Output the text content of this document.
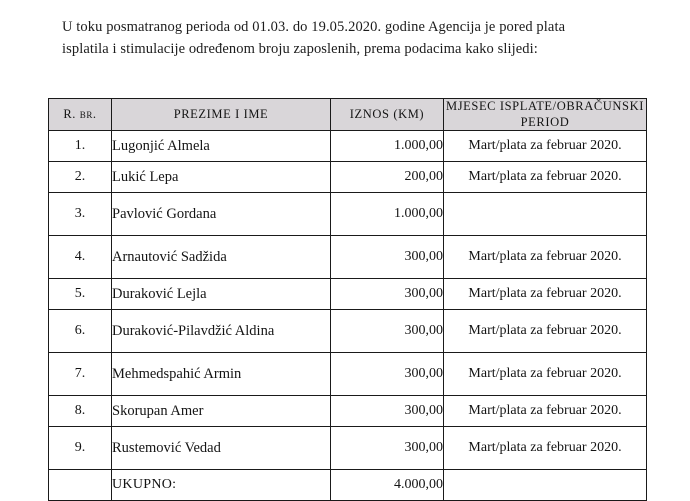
U toku posmatranog perioda od 01.03. do 19.05.2020. godine Agencija je pored plata
isplatila i stimulacije određenom broju zaposlenih, prema podacima kako slijedi:
R. br.	PREZIME I IME	IZNOS (KM)	MJESEC ISPLATE/OBRAČUNSKI
PERIOD
1.	Lugonjić Almela	1.000,00	Mart/plata za februar 2020.
2.	Lukić Lepa	200,00	Mart/plata za februar 2020.
3.	Pavlović Gordana	1.000,00	
4.	Arnautović Sadžida	300,00	Mart/plata za februar 2020.
5.	Duraković Lejla	300,00	Mart/plata za februar 2020.
6.	Duraković-Pilavdžić Aldina	300,00	Mart/plata za februar 2020.
7.	Mehmedspahić Armin	300,00	Mart/plata za februar 2020.
8.	Skorupan Amer	300,00	Mart/plata za februar 2020.
9.	Rustemović Vedad	300,00	Mart/plata za februar 2020.
	UKUPNO:	4.000,00	
